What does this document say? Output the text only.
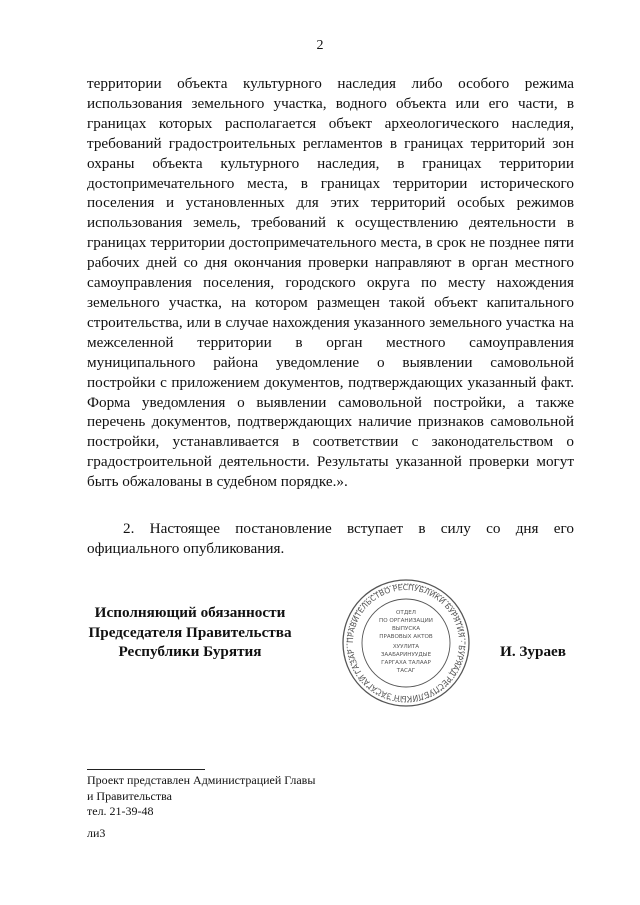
2

территории объекта культурного наследия либо особого режима использования земельного участка, водного объекта или его части, в границах которых располагается объект археологического наследия, требований градостроительных регламентов в границах территорий зон охраны объекта культурного наследия, в границах территории достопримечательного места, в границах территории исторического поселения и установленных для этих территорий особых режимов использования земель, требований к осуществлению деятельности в границах территории достопримечательного места, в срок не позднее пяти рабочих дней со дня окончания проверки направляют в орган местного самоуправления поселения, городского округа по месту нахождения земельного участка, на котором размещен такой объект капитального строительства, или в случае нахождения указанного земельного участка на межселенной территории в орган местного самоуправления муниципального района уведомление о выявлении самовольной постройки с приложением документов, подтверждающих указанный факт. Форма уведомления о выявлении самовольной постройки, а также перечень документов, подтверждающих наличие признаков самовольной постройки, устанавливается в соответствии с законодательством о градостроительной деятельности. Результаты указанной проверки могут быть обжалованы в судебном порядке.».

2. Настоящее постановление вступает в силу со дня его официального опубликования.

Исполняющий обязанности
Председателя Правительства
Республики Бурятия
ПРАВИТЕЛЬСТВО РЕСПУБЛИКИ БУРЯТИЯ · БУРЯАД РЕСПУБЛИКЫН ЗАСАГАЙ ГАЗАР
ОТДЕЛ
ПО ОРГАНИЗАЦИИ
ВЫПУСКА
ПРАВОВЫХ АКТОВ
ХУУЛИТА
ЗААБАРИНУУДЫЕ
ГАРГАХА ТАЛААР
ТАСАГ
И. Зураев
Проект представлен Администрацией Главы
и Правительства
тел. 21-39-48
ли3
